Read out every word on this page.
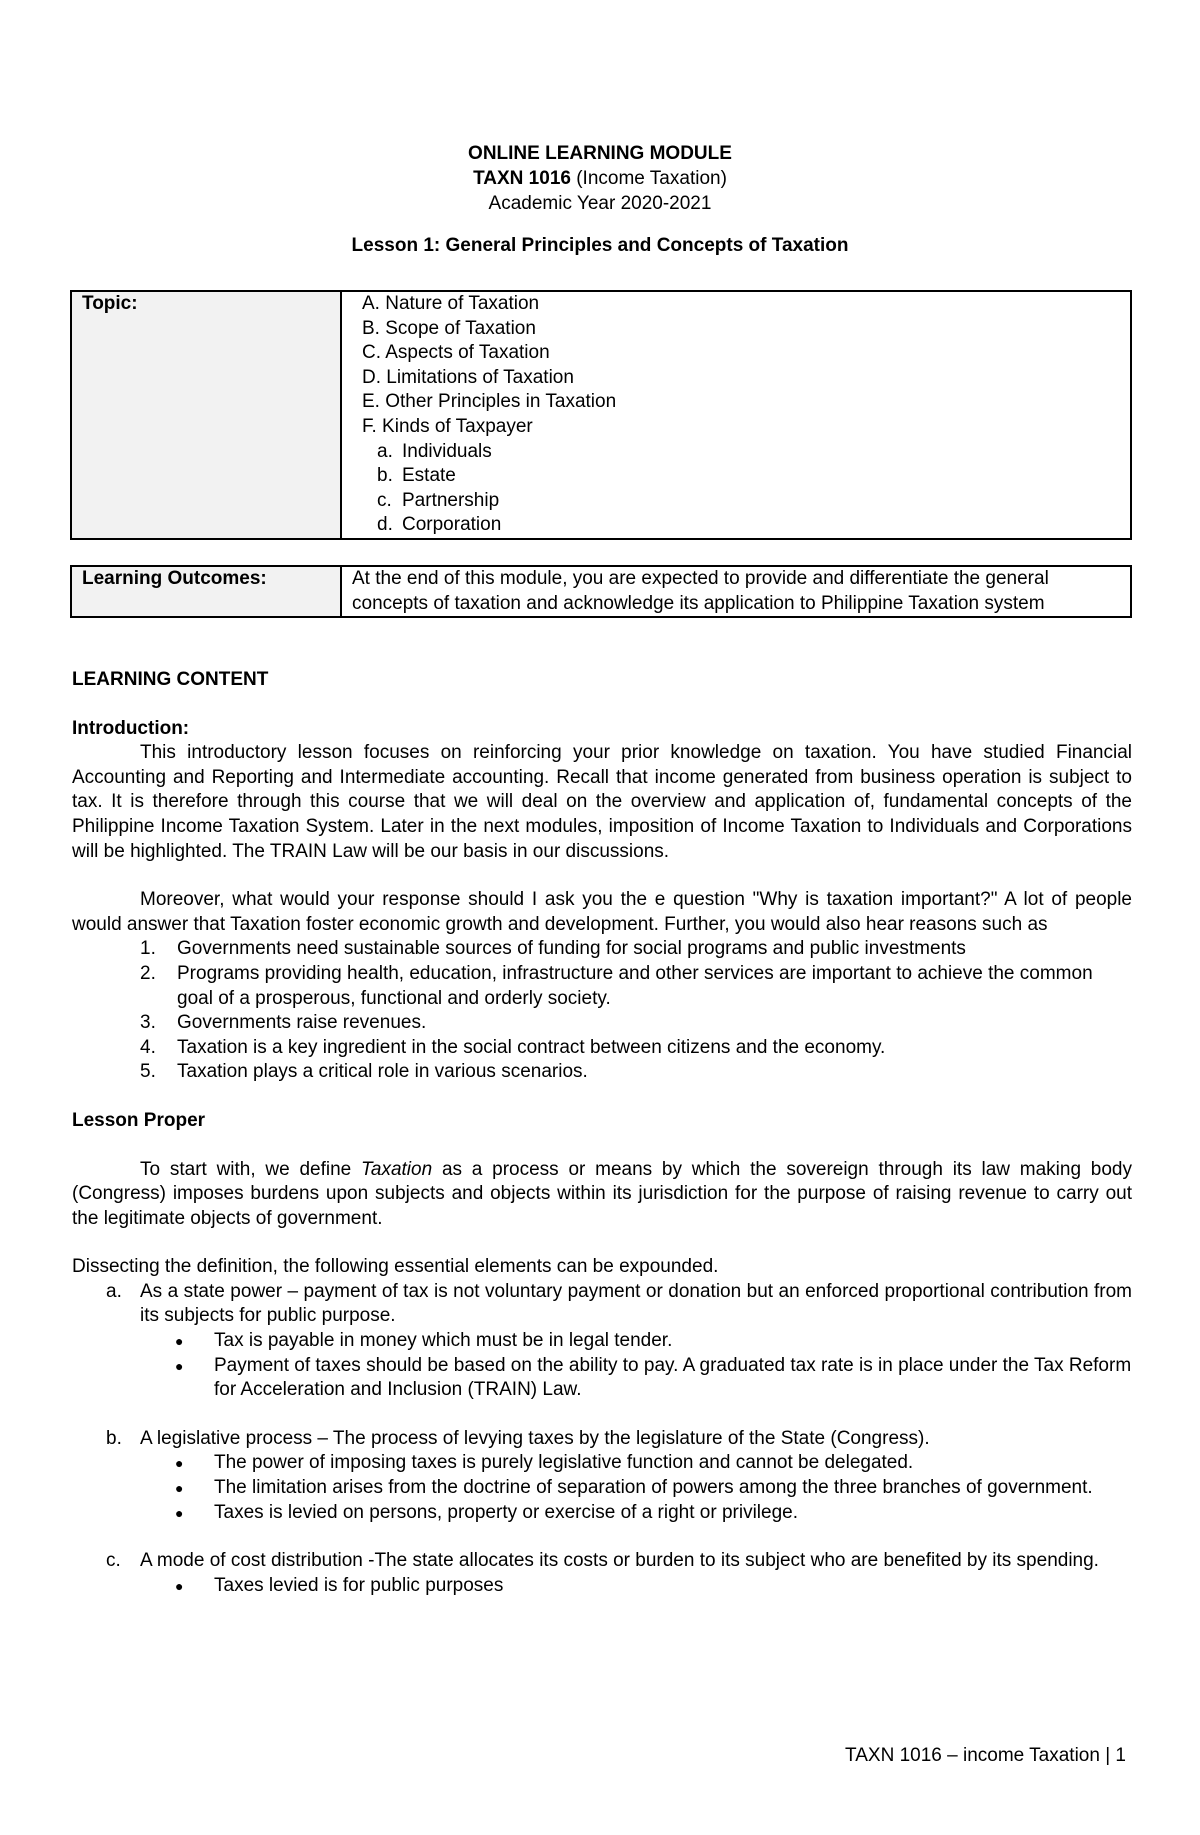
ONLINE LEARNING MODULE
TAXN 1016 (Income Taxation)
Academic Year 2020-2021
Lesson 1: General Principles and Concepts of Taxation
Topic:	A. Nature of Taxation
B. Scope of Taxation
C. Aspects of Taxation
D. Limitations of Taxation
E. Other Principles in Taxation
F. Kinds of Taxpayer
a. Individuals
b. Estate
c. Partnership
d. Corporation
Learning Outcomes:	At the end of this module, you are expected to provide and differentiate the general concepts of taxation and acknowledge its application to Philippine Taxation system

LEARNING CONTENT

Introduction:

This introductory lesson focuses on reinforcing your prior knowledge on taxation. You have studied Financial Accounting and Reporting and Intermediate accounting. Recall that income generated from business operation is subject to tax. It is therefore through this course that we will deal on the overview and application of, fundamental concepts of the Philippine Income Taxation System. Later in the next modules, imposition of Income Taxation to Individuals and Corporations will be highlighted. The TRAIN Law will be our basis in our discussions.

Moreover, what would your response should I ask you the e question "Why is taxation important?" A lot of people would answer that Taxation foster economic growth and development. Further, you would also hear reasons such as

1. Governments need sustainable sources of funding for social programs and public investments
2. Programs providing health, education, infrastructure and other services are important to achieve the common goal of a prosperous, functional and orderly society.
3. Governments raise revenues.
4. Taxation is a key ingredient in the social contract between citizens and the economy.
5. Taxation plays a critical role in various scenarios.

Lesson Proper

To start with, we define Taxation as a process or means by which the sovereign through its law making body (Congress) imposes burdens upon subjects and objects within its jurisdiction for the purpose of raising revenue to carry out the legitimate objects of government.

Dissecting the definition, the following essential elements can be expounded.

a. As a state power – payment of tax is not voluntary payment or donation but an enforced proportional contribution from its subjects for public purpose.
● Tax is payable in money which must be in legal tender.
● Payment of taxes should be based on the ability to pay. A graduated tax rate is in place under the Tax Reform for Acceleration and Inclusion (TRAIN) Law.
b. A legislative process – The process of levying taxes by the legislature of the State (Congress).
● The power of imposing taxes is purely legislative function and cannot be delegated.
● The limitation arises from the doctrine of separation of powers among the three branches of government.
● Taxes is levied on persons, property or exercise of a right or privilege.
c. A mode of cost distribution -The state allocates its costs or burden to its subject who are benefited by its spending.
● Taxes levied is for public purposes
TAXN 1016 – income Taxation | 1
